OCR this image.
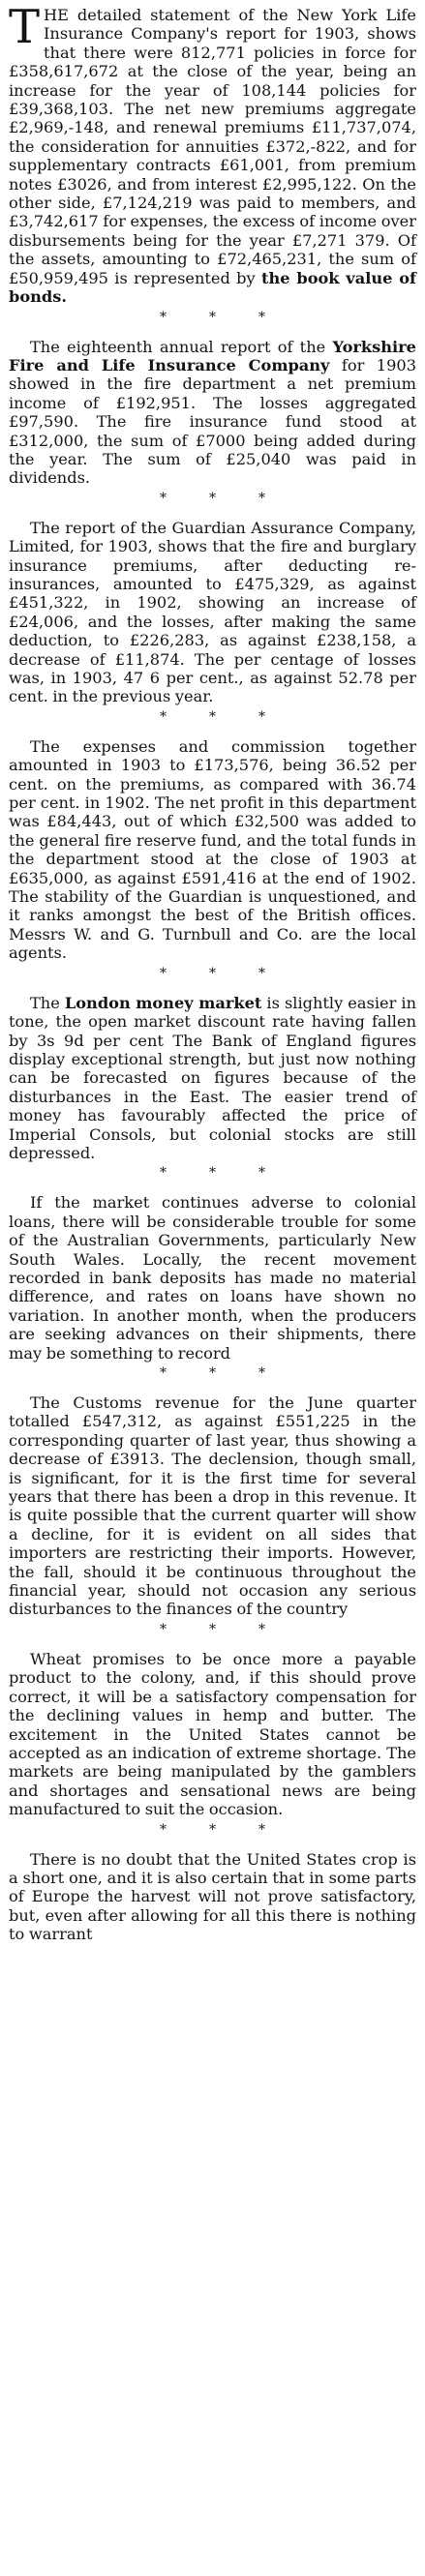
THE detailed statement of the New York Life Insurance Company's report for 1903, shows that there were 812,771 policies in force for £358,617,672 at the close of the year, being an increase for the year of 108,144 policies for £39,368,103. The net new premiums aggregate £2,969,-148, and renewal premiums £11,737,074, the consideration for annuities £372,-822, and for supplementary contracts £61,001, from premium notes £3026, and from interest £2,995,122. On the other side, £7,124,219 was paid to members, and £3,742,617 for expenses, the excess of income over disbursements being for the year £7,271 379. Of the assets, amounting to £72,465,231, the sum of £50,959,495 is represented by the book value of bonds.

*	*	*

The eighteenth annual report of the Yorkshire Fire and Life Insurance Company for 1903 showed in the fire department a net premium income of £192,951. The losses aggregated £97,590. The fire insurance fund stood at £312,000, the sum of £7000 being added during the year. The sum of £25,040 was paid in dividends.

*	*	*

The report of the Guardian Assurance Company, Limited, for 1903, shows that the fire and burglary insurance premiums, after deducting re-insurances, amounted to £475,329, as against £451,322, in 1902, showing an increase of £24,006, and the losses, after making the same deduction, to £226,283, as against £238,158, a decrease of £11,874. The per centage of losses was, in 1903, 47 6 per cent., as against 52.78 per cent. in the previous year.

*	*	*

The expenses and commission together amounted in 1903 to £173,576, being 36.52 per cent. on the premiums, as compared with 36.74 per cent. in 1902. The net profit in this department was £84,443, out of which £32,500 was added to the general fire reserve fund, and the total funds in the department stood at the close of 1903 at £635,000, as against £591,416 at the end of 1902. The stability of the Guardian is unquestioned, and it ranks amongst the best of the British offices. Messrs W. and G. Turnbull and Co. are the local agents.

*	*	*

The London money market is slightly easier in tone, the open market discount rate having fallen by 3s 9d per cent The Bank of England figures display exceptional strength, but just now nothing can be forecasted on figures because of the disturbances in the East. The easier trend of money has favourably affected the price of Imperial Consols, but colonial stocks are still depressed.

*	*	*

If the market continues adverse to colonial loans, there will be considerable trouble for some of the Australian Governments, particularly New South Wales. Locally, the recent movement recorded in bank deposits has made no material difference, and rates on loans have shown no variation. In another month, when the producers are seeking advances on their shipments, there may be something to record

*	*	*

The Customs revenue for the June quarter totalled £547,312, as against £551,225 in the corresponding quarter of last year, thus showing a decrease of £3913. The declension, though small, is significant, for it is the first time for several years that there has been a drop in this revenue. It is quite possible that the current quarter will show a decline, for it is evident on all sides that importers are restricting their imports. However, the fall, should it be continuous throughout the financial year, should not occasion any serious disturbances to the finances of the country

*	*	*

Wheat promises to be once more a payable product to the colony, and, if this should prove correct, it will be a satisfactory compensation for the declining values in hemp and butter. The excitement in the United States cannot be accepted as an indication of extreme shortage. The markets are being manipulated by the gamblers and shortages and sensational news are being manufactured to suit the occasion.

*	*	*

There is no doubt that the United States crop is a short one, and it is also certain that in some parts of Europe the harvest will not prove satisfactory, but, even after allowing for all this there is nothing to warrant
